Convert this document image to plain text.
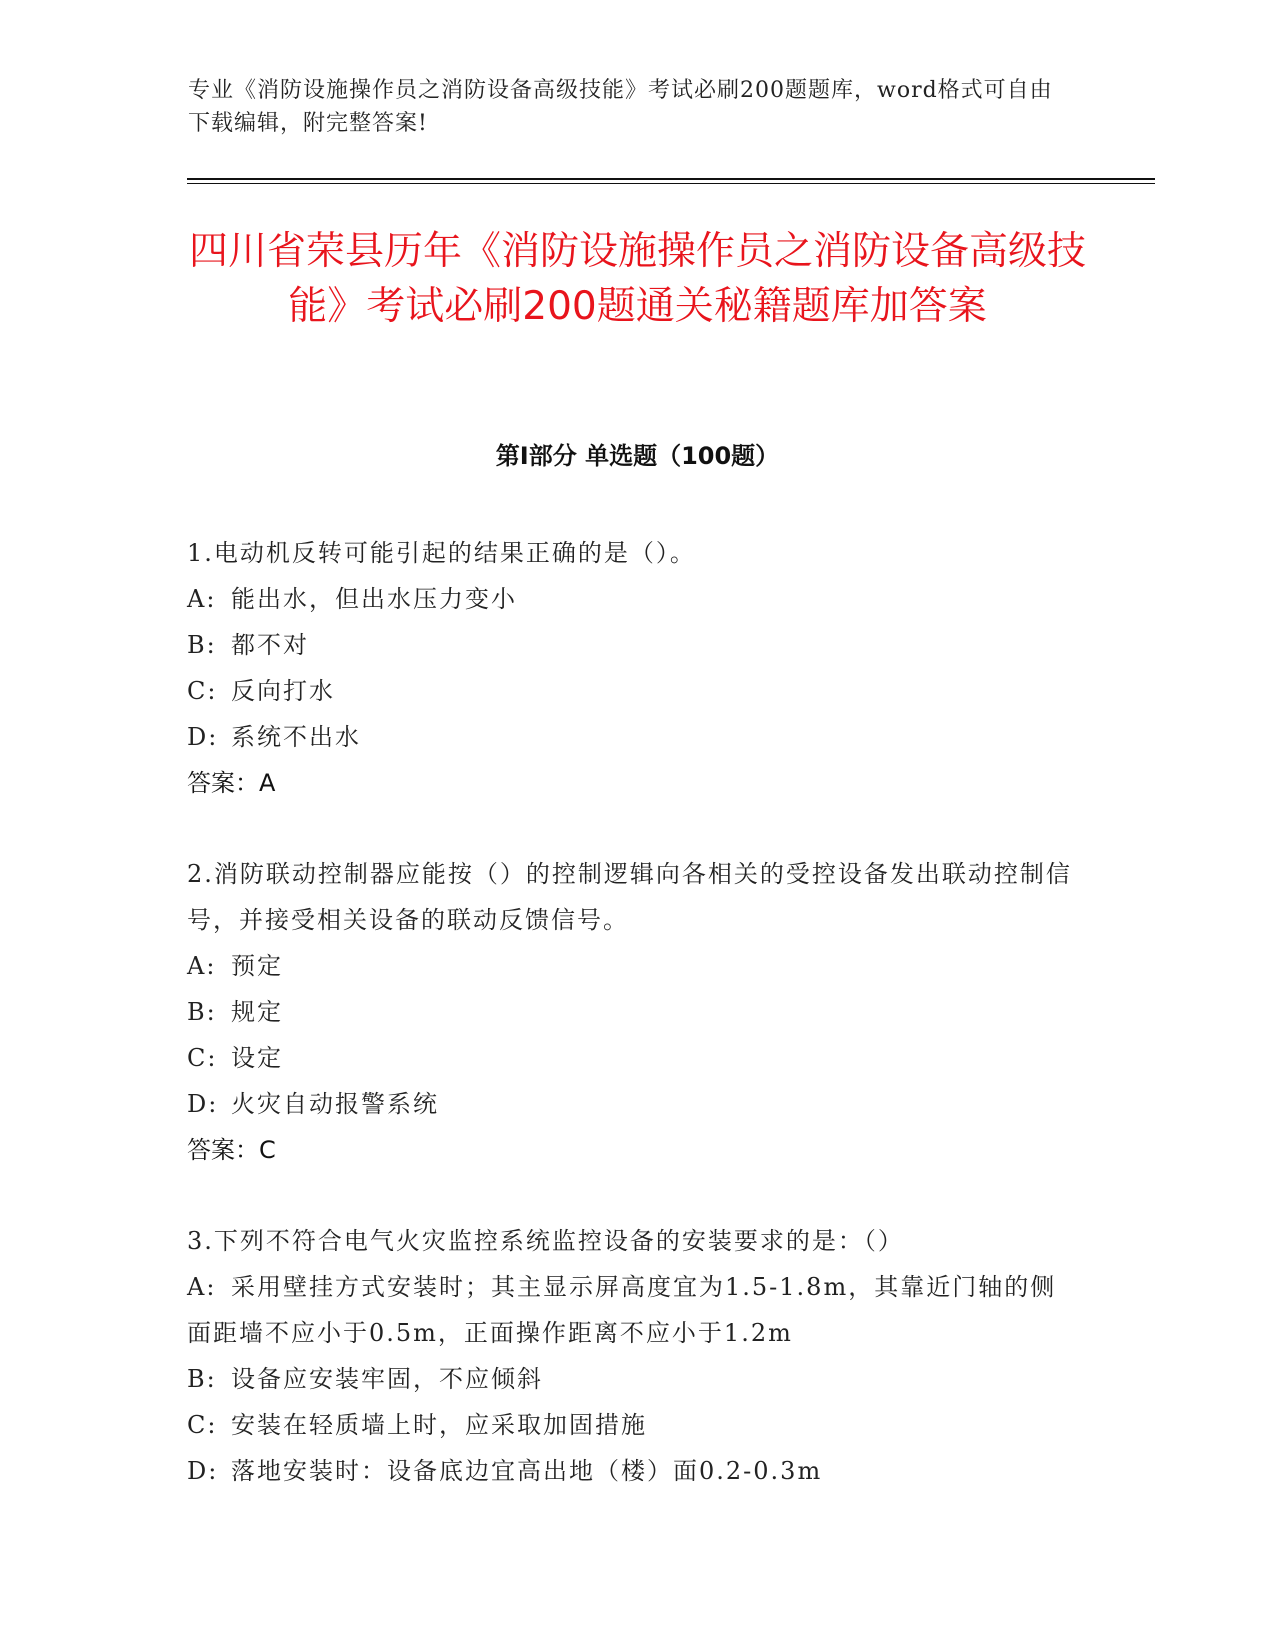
专业《消防设施操作员之消防设备高级技能》考试必刷200题题库，word格式可自由下载编辑，附完整答案!
四川省荣县历年《消防设施操作员之消防设备高级技能》考试必刷200题通关秘籍题库加答案
第Ⅰ部分 单选题（100题）

1.电动机反转可能引起的结果正确的是（）。

A: 能出水，但出水压力变小

B: 都不对

C: 反向打水

D: 系统不出水

答案：A

2.消防联动控制器应能按（）的控制逻辑向各相关的受控设备发出联动控制信号，并接受相关设备的联动反馈信号。

A: 预定

B: 规定

C: 设定

D: 火灾自动报警系统

答案：C

3.下列不符合电气火灾监控系统监控设备的安装要求的是：（）

A: 采用壁挂方式安装时；其主显示屏高度宜为1.5-1.8m，其靠近门轴的侧面距墙不应小于0.5m，正面操作距离不应小于1.2m

B: 设备应安装牢固，不应倾斜

C: 安装在轻质墙上时，应采取加固措施

D: 落地安装时：设备底边宜高出地（楼）面0.2-0.3m
